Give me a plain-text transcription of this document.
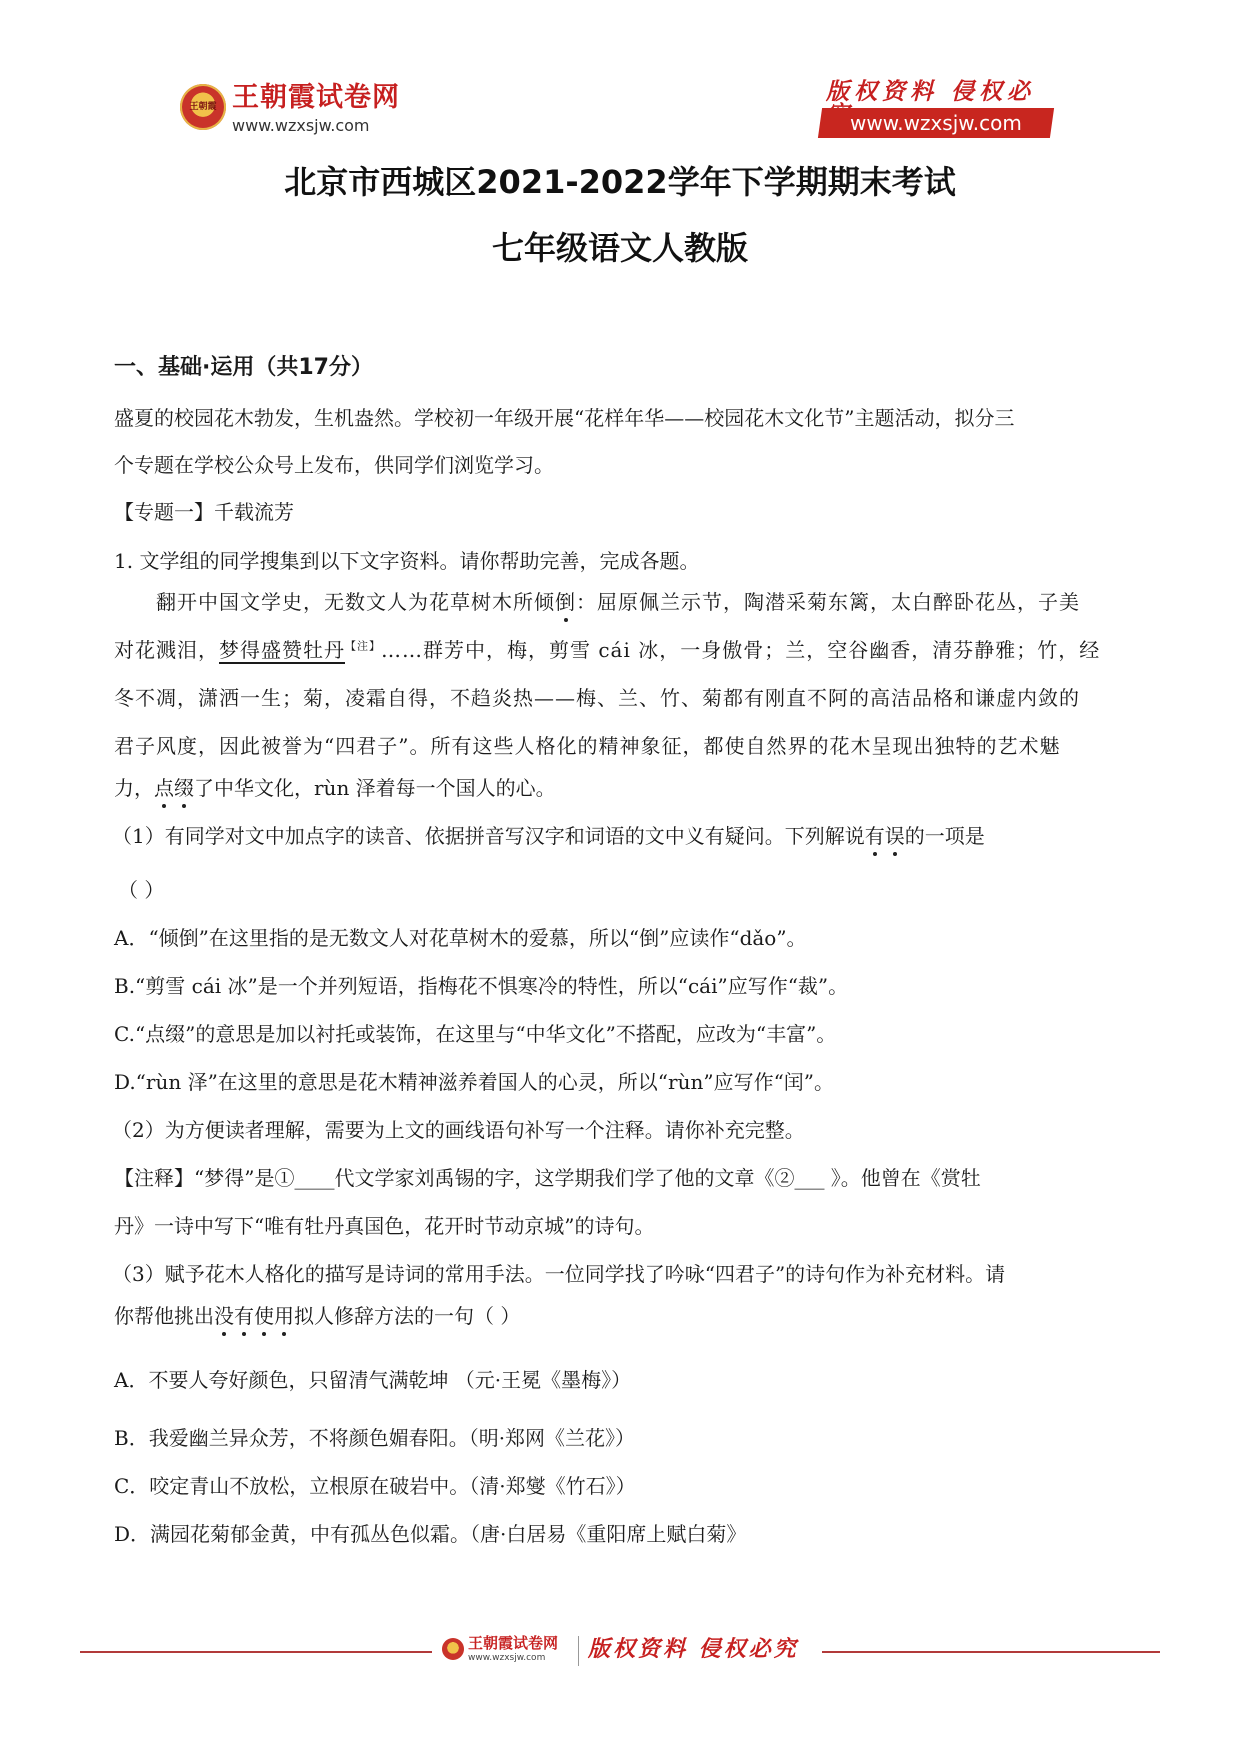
王朝霞 王朝霞试卷网
www.wzxsjw.com
版权资料 侵权必
www.wzxsjw.com
北京市西城区2021-2022学年下学期期末考试
七年级语文人教版
一、基础·运用（共17分）
盛夏的校园花木勃发，生机盎然。学校初一年级开展“花样年华——校园花木文化节”主题活动，拟分三
个专题在学校公众号上发布，供同学们浏览学习。
【专题一】千载流芳
1. 文学组的同学搜集到以下文字资料。请你帮助完善，完成各题。
翻开中国文学史，无数文人为花草树木所倾倒：屈原佩兰示节，陶潜采菊东篱，太白醉卧花丛，子美
对花溅泪，梦得盛赞牡丹$^{【注】}$……群芳中，梅，剪雪 cái 冰，一身傲骨；兰，空谷幽香，清芬静雅；竹，经
冬不凋，潇洒一生；菊，凌霜自得，不趋炎热——梅、兰、竹、菊都有刚直不阿的高洁品格和谦虚内敛的
君子风度，因此被誉为“四君子”。所有这些人格化的精神象征，都使自然界的花木呈现出独特的艺术魅
力，点缀了中华文化，rùn 泽着每一个国人的心。
（1）有同学对文中加点字的读音、依据拼音写汉字和词语的文中义有疑问。下列解说有误的一项是
（ ）
A．“倾倒”在这里指的是无数文人对花草树木的爱慕，所以“倒”应读作“dǎo”。
B.“剪雪 cái 冰”是一个并列短语，指梅花不惧寒冷的特性，所以“cái”应写作“裁”。
C.“点缀”的意思是加以衬托或装饰，在这里与“中华文化”不搭配，应改为“丰富”。
D.“rùn 泽”在这里的意思是花木精神滋养着国人的心灵，所以“rùn”应写作“闰”。
（2）为方便读者理解，需要为上文的画线语句补写一个注释。请你补充完整。
【注释】“梦得”是①____代文学家刘禹锡的字，这学期我们学了他的文章《②___ 》。他曾在《赏牡
丹》一诗中写下“唯有牡丹真国色，花开时节动京城”的诗句。
（3）赋予花木人格化的描写是诗词的常用手法。一位同学找了吟咏“四君子”的诗句作为补充材料。请
你帮他挑出没有使用拟人修辞方法的一句（ ）
A．不要人夸好颜色，只留清气满乾坤 （元·王冕《墨梅》）
B．我爱幽兰异众芳，不将颜色媚春阳。（明·郑网《兰花》）
C．咬定青山不放松，立根原在破岩中。（清·郑燮《竹石》）
D．满园花菊郁金黄，中有孤丛色似霜。（唐·白居易《重阳席上赋白菊》
王朝霞试卷网
www.wzxsjw.com 版权资料 侵权必究
